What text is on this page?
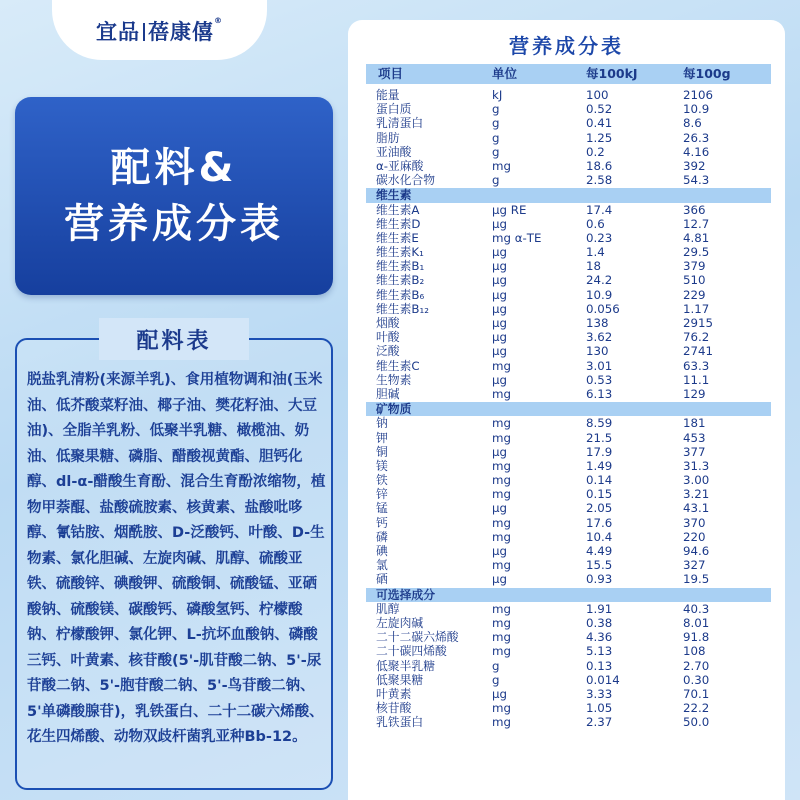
宜品 蓓康僖®
配料&
营养成分表
配料表
脱盐乳清粉(来源羊乳)、食用植物调和油(玉米油、低芥酸菜籽油、椰子油、樊花籽油、大豆油)、全脂羊乳粉、低聚半乳糖、橄榄油、奶油、低聚果糖、磷脂、醋酸视黄酯、胆钙化醇、dl-α-醋酸生育酚、混合生育酚浓缩物，植物甲萘醌、盐酸硫胺素、核黄素、盐酸吡哆醇、氰钴胺、烟酰胺、D-泛酸钙、叶酸、D-生物素、氯化胆碱、左旋肉碱、肌醇、硫酸亚铁、硫酸锌、碘酸钾、硫酸铜、硫酸锰、亚硒酸钠、硫酸镁、碳酸钙、磷酸氢钙、柠檬酸钠、柠檬酸钾、氯化钾、L-抗坏血酸钠、磷酸三钙、叶黄素、核苷酸(5'-肌苷酸二钠、5'-尿苷酸二钠、5'-胞苷酸二钠、5'-鸟苷酸二钠、5'单磷酸腺苷)，乳铁蛋白、二十二碳六烯酸、花生四烯酸、动物双歧杆菌乳亚种Bb-12。
营养成分表
项目	单位	每100kJ	每100g
能量	kJ	100	2106
蛋白质	g	0.52	10.9
乳清蛋白	g	0.41	8.6
脂肪	g	1.25	26.3
亚油酸	g	0.2	4.16
α-亚麻酸	mg	18.6	392
碳水化合物	g	2.58	54.3
维生素
维生素A	μg RE	17.4	366
维生素D	μg	0.6	12.7
维生素E	mg α-TE	0.23	4.81
维生素K₁	μg	1.4	29.5
维生素B₁	μg	18	379
维生素B₂	μg	24.2	510
维生素B₆	μg	10.9	229
维生素B₁₂	μg	0.056	1.17
烟酸	μg	138	2915
叶酸	μg	3.62	76.2
泛酸	μg	130	2741
维生素C	mg	3.01	63.3
生物素	μg	0.53	11.1
胆碱	mg	6.13	129
矿物质
钠	mg	8.59	181
钾	mg	21.5	453
铜	μg	17.9	377
镁	mg	1.49	31.3
铁	mg	0.14	3.00
锌	mg	0.15	3.21
锰	μg	2.05	43.1
钙	mg	17.6	370
磷	mg	10.4	220
碘	μg	4.49	94.6
氯	mg	15.5	327
硒	μg	0.93	19.5
可选择成分
肌醇	mg	1.91	40.3
左旋肉碱	mg	0.38	8.01
二十二碳六烯酸	mg	4.36	91.8
二十碳四烯酸	mg	5.13	108
低聚半乳糖	g	0.13	2.70
低聚果糖	g	0.014	0.30
叶黄素	μg	3.33	70.1
核苷酸	mg	1.05	22.2
乳铁蛋白	mg	2.37	50.0
